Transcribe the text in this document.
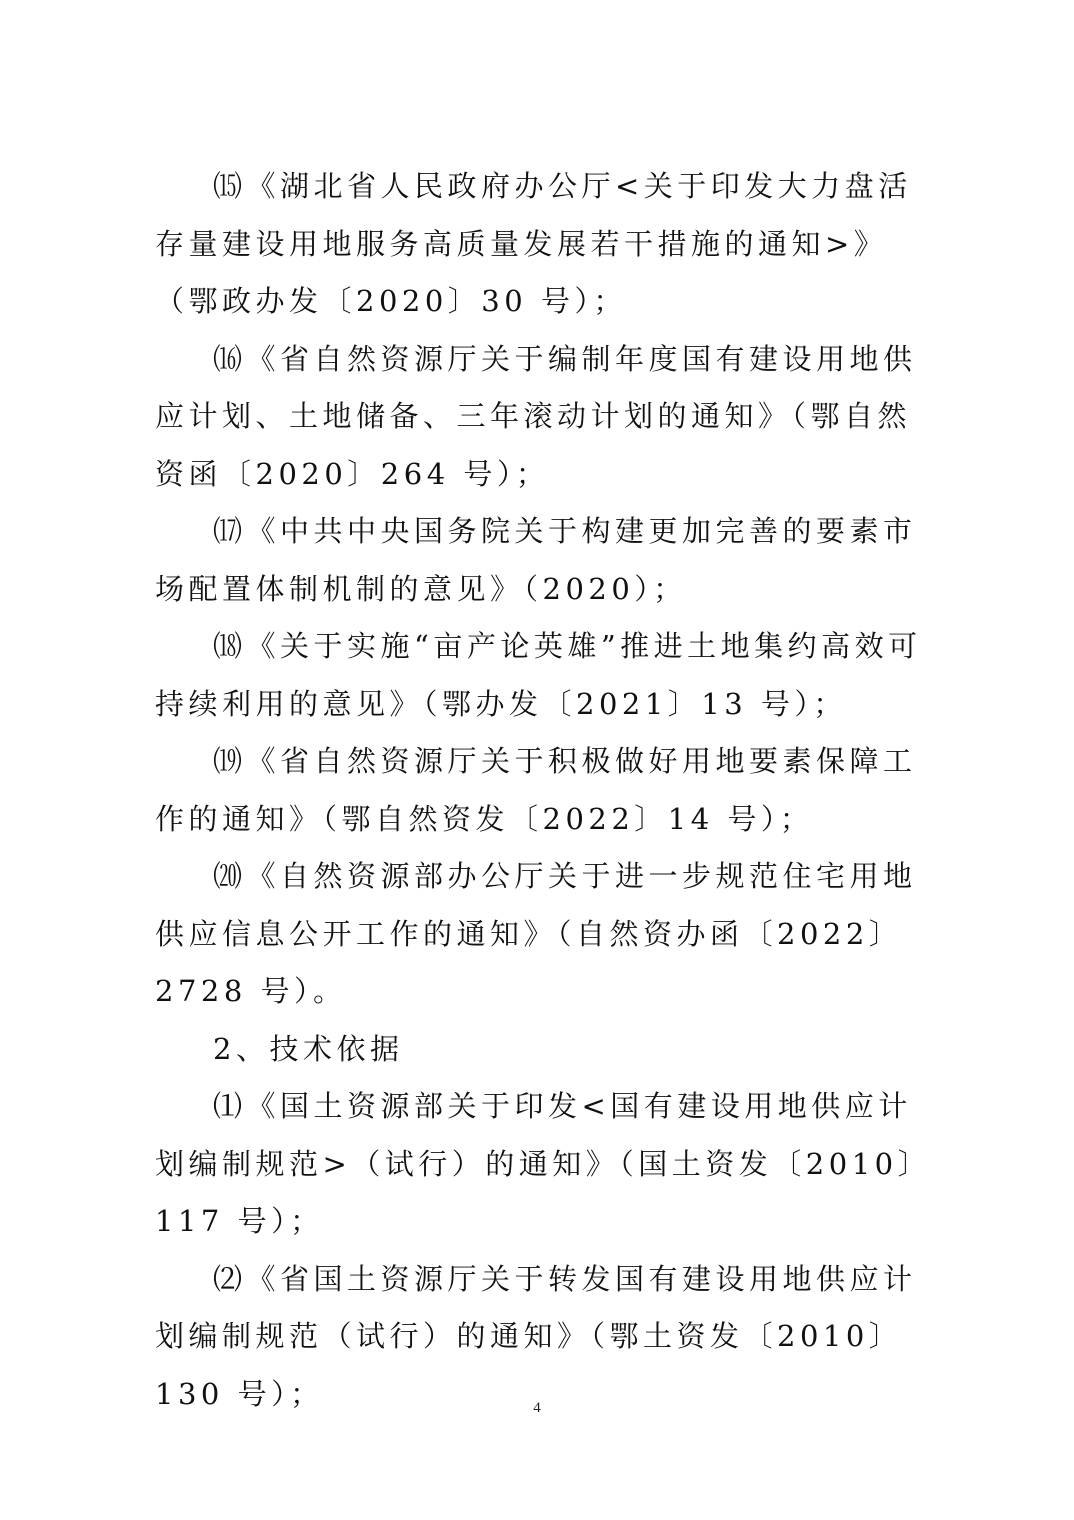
⒂《湖北省人民政府办公厅<关于印发大力盘活存量建设用地服务高质量发展若干措施的通知>》（鄂政办发〔2020〕30 号）；

⒃《省自然资源厅关于编制年度国有建设用地供应计划、土地储备、三年滚动计划的通知》（鄂自然资函〔2020〕264 号）；

⒄《中共中央国务院关于构建更加完善的要素市场配置体制机制的意见》（2020）；

⒅《关于实施“亩产论英雄”推进土地集约高效可持续利用的意见》（鄂办发〔2021〕13 号）；

⒆《省自然资源厅关于积极做好用地要素保障工作的通知》（鄂自然资发〔2022〕14 号）；

⒇《自然资源部办公厅关于进一步规范住宅用地供应信息公开工作的通知》（自然资办函〔2022〕2728 号）。

2、技术依据

⑴《国土资源部关于印发<国有建设用地供应计划编制规范>（试行）的通知》（国土资发〔2010〕117 号）；

⑵《省国土资源厅关于转发国有建设用地供应计划编制规范（试行）的通知》（鄂土资发〔2010〕130 号）；	4
